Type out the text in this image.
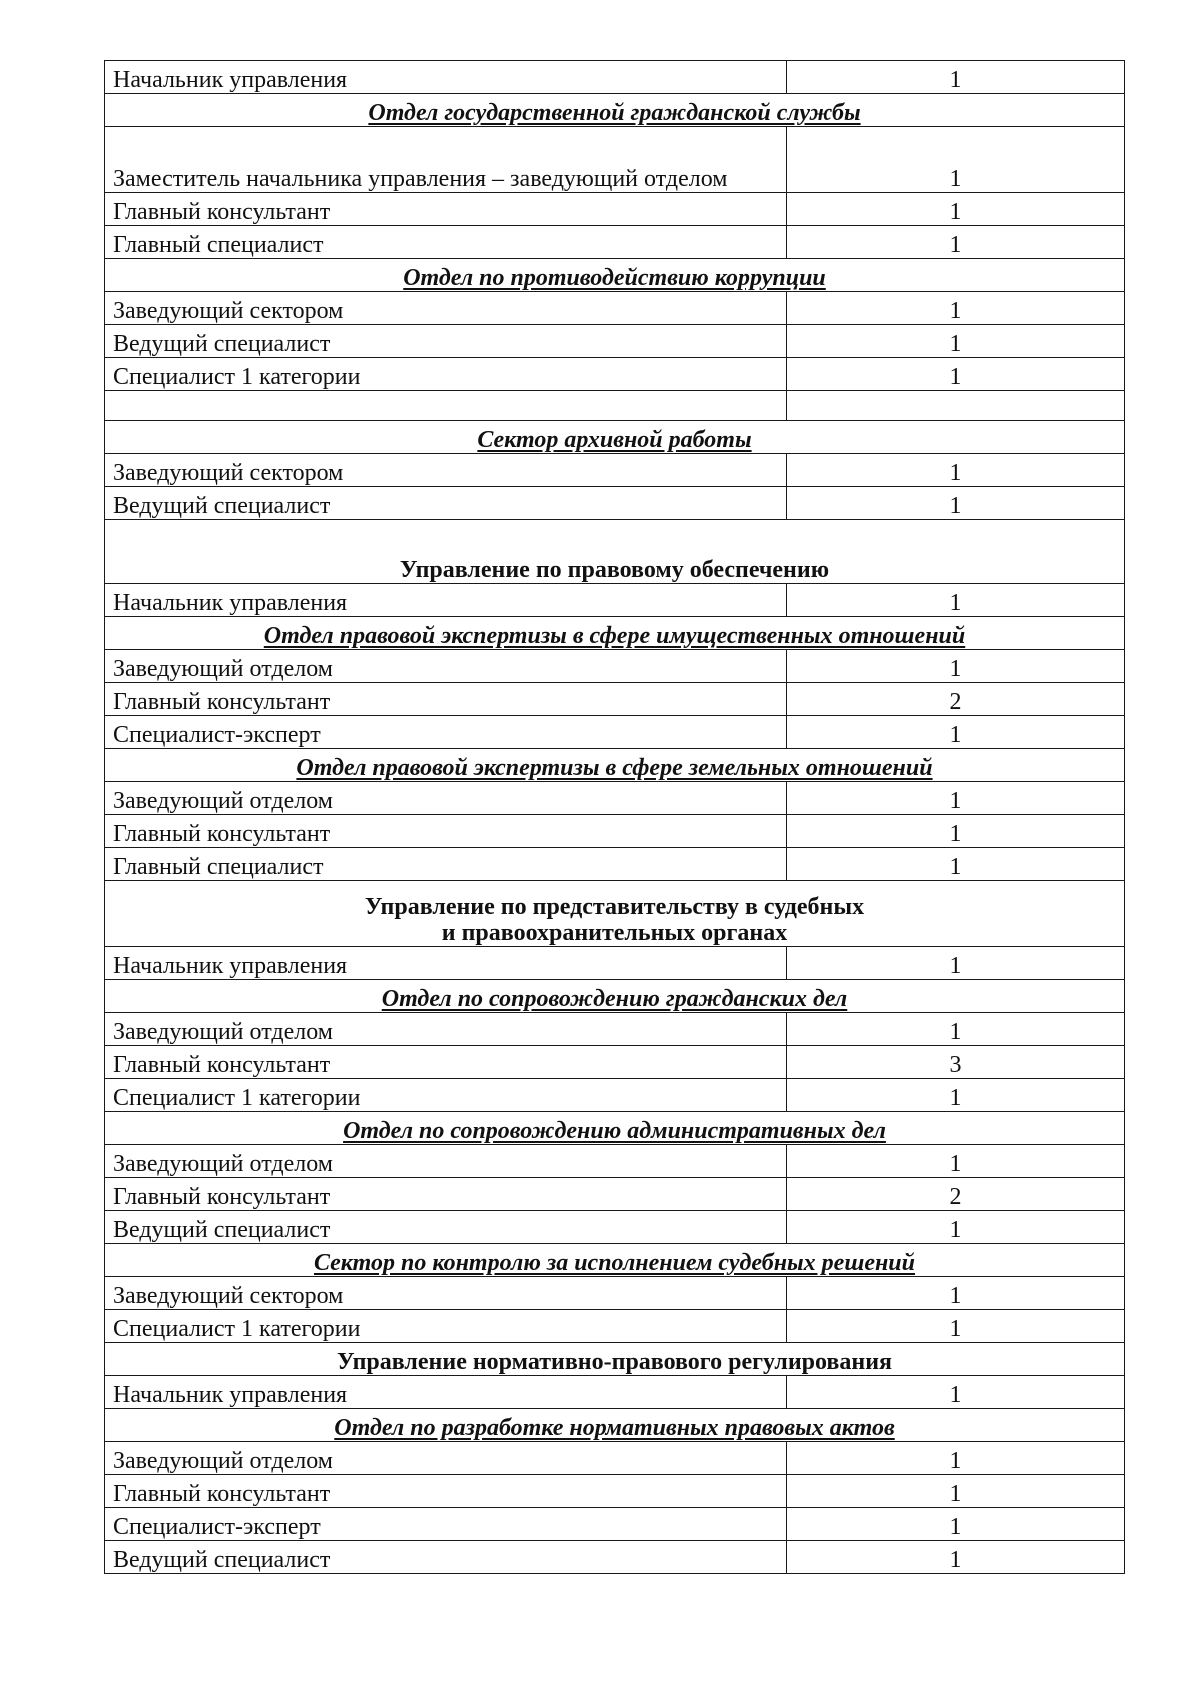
Начальник управления	1
Отдел государственной гражданской службы	
Заместитель начальника управления – заведующий отделом	1
Главный консультант	1
Главный специалист	1
Отдел по противодействию коррупции	
Заведующий сектором	1
Ведущий специалист	1
Специалист 1 категории	1

Сектор архивной работы	
Заведующий сектором	1
Ведущий специалист	1
Управление по правовому обеспечению	
Начальник управления	1
Отдел правовой экспертизы в сфере имущественных отношений	
Заведующий отделом	1
Главный консультант	2
Специалист-эксперт	1
Отдел правовой экспертизы в сфере земельных отношений	
Заведующий отделом	1
Главный консультант	1
Главный специалист	1

Управление по представительству в судебных
и правоохранительных органах	

Начальник управления	1
Отдел по сопровождению гражданских дел	
Заведующий отделом	1
Главный консультант	3
Специалист 1 категории	1
Отдел по сопровождению административных дел	
Заведующий отделом	1
Главный консультант	2
Ведущий специалист	1
Сектор по контролю за исполнением судебных решений	
Заведующий сектором	1
Специалист 1 категории	1
Управление нормативно-правового регулирования	
Начальник управления	1
Отдел по разработке нормативных правовых актов	
Заведующий отделом	1
Главный консультант	1
Специалист-эксперт	1
Ведущий специалист	1
